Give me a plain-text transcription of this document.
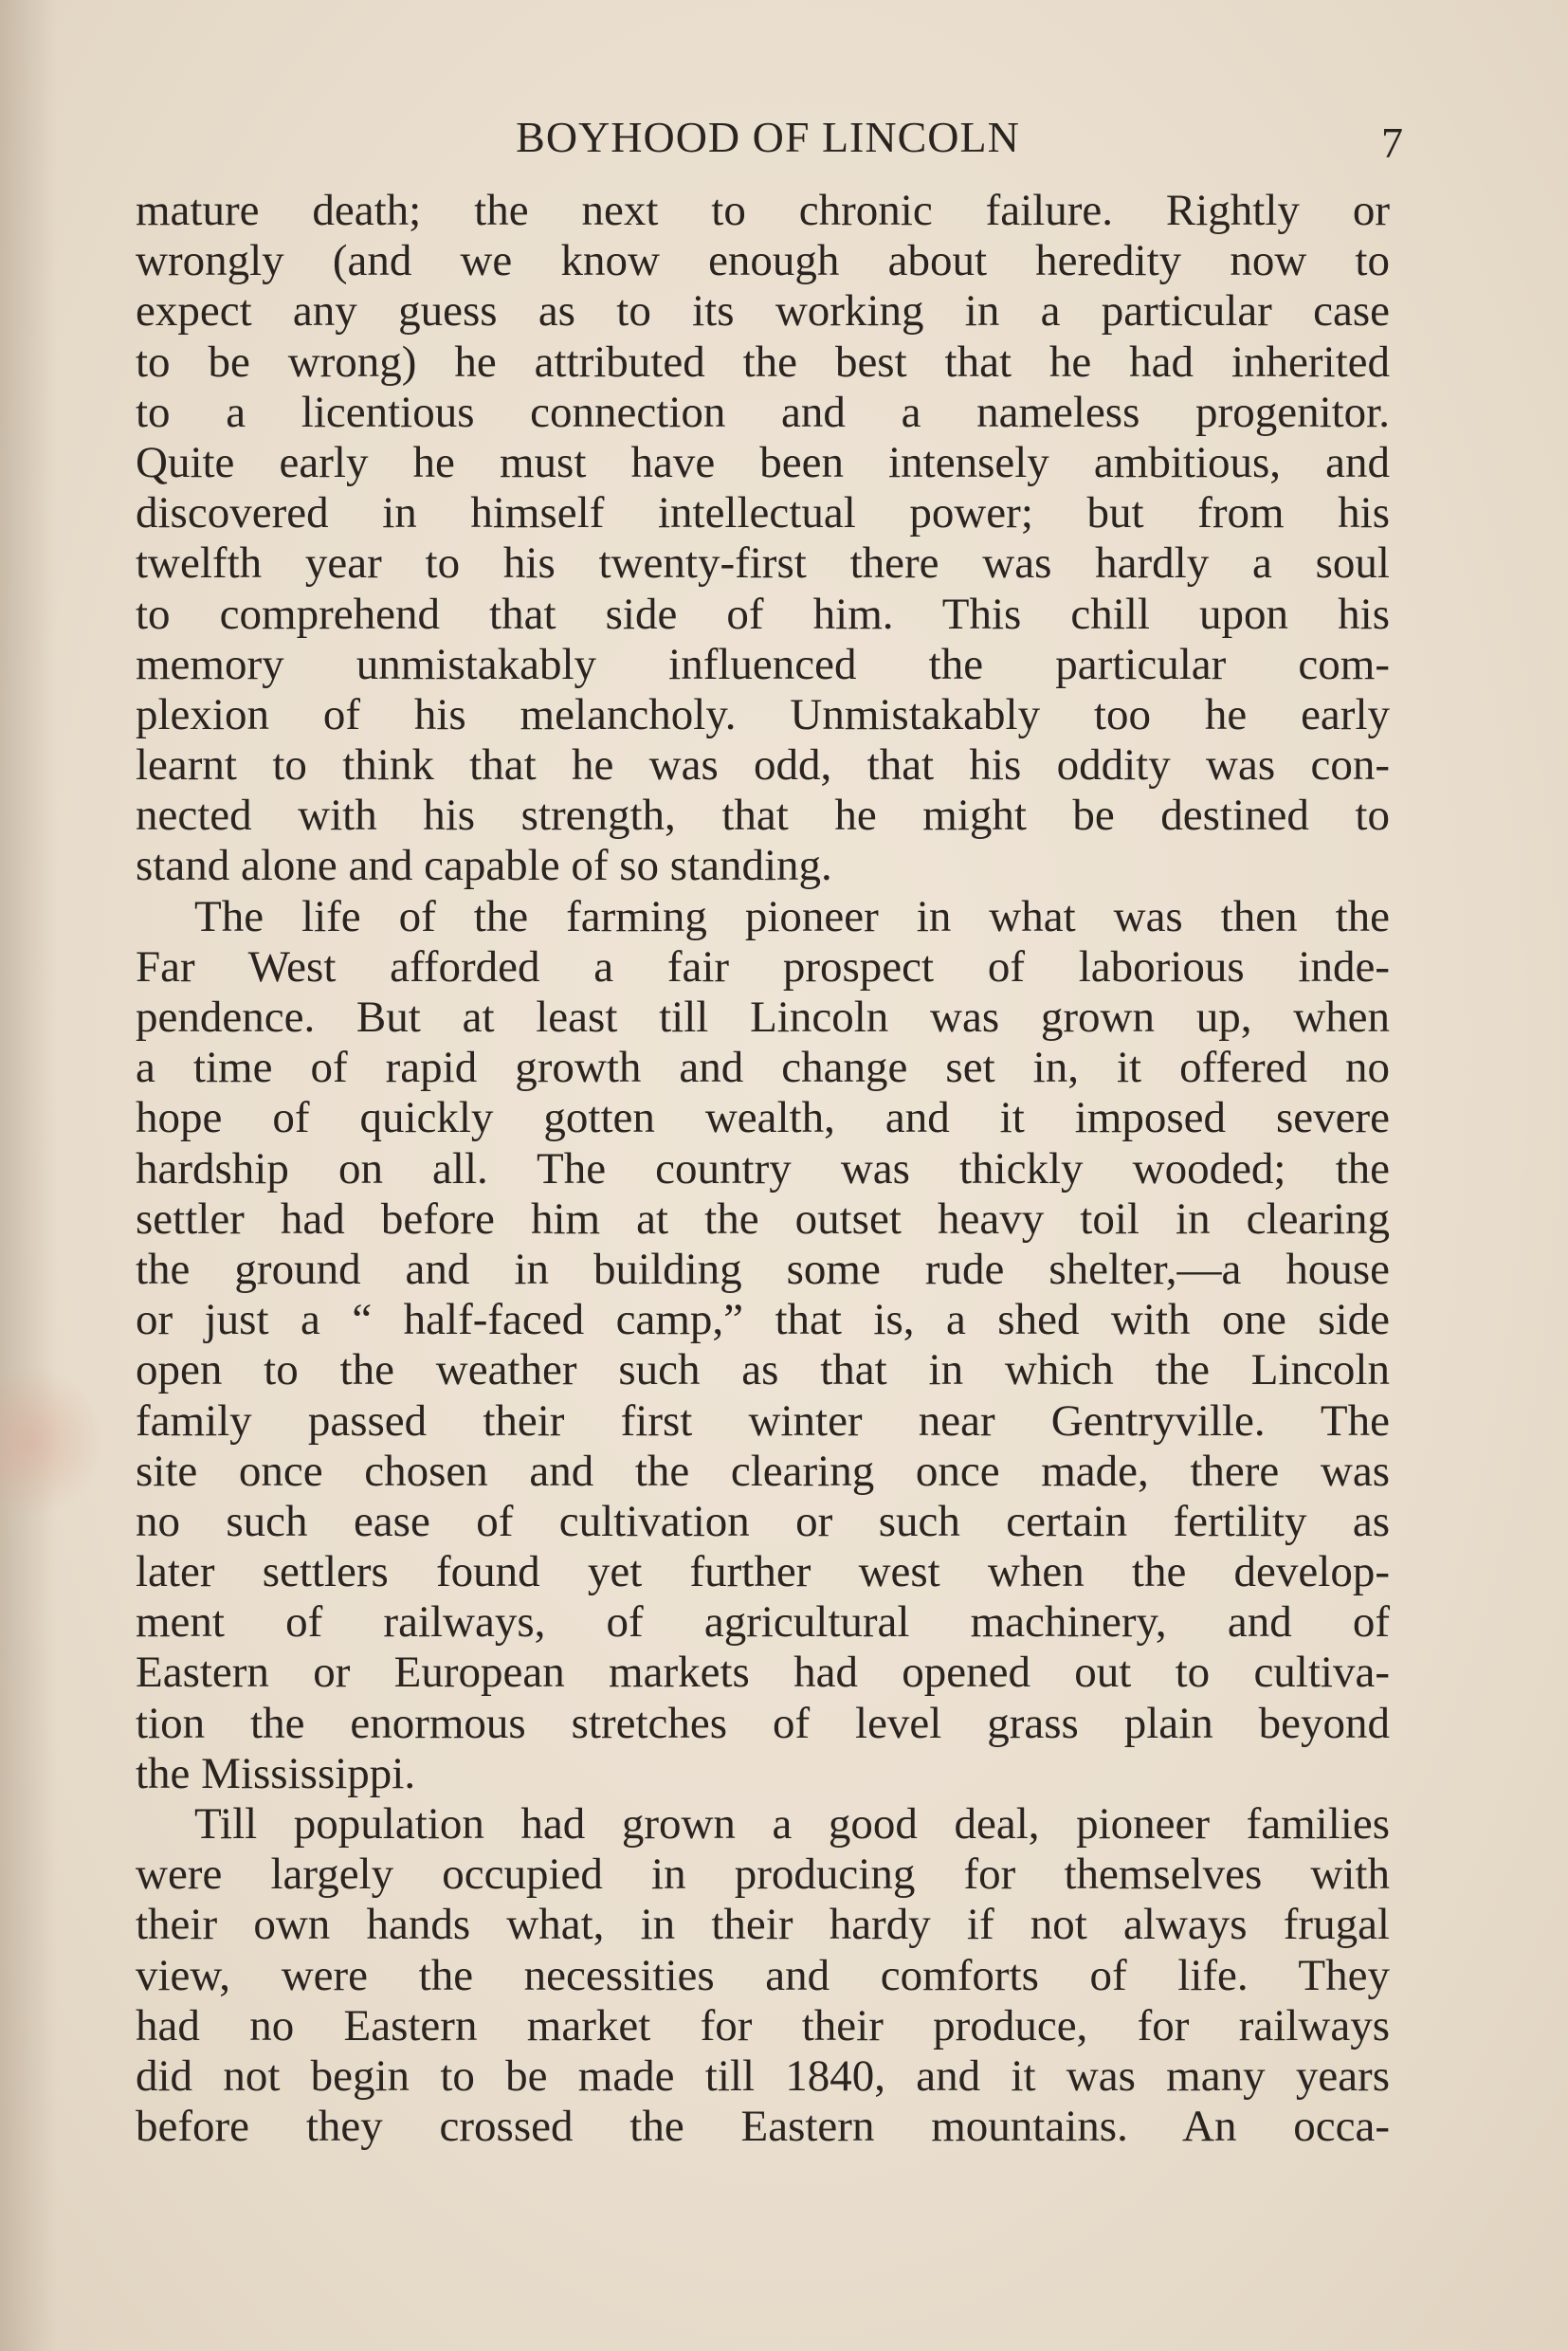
BOYHOOD OF LINCOLN	7
mature death; the next to chronic failure. Rightly or
wrongly (and we know enough about heredity now to
expect any guess as to its working in a particular case
to be wrong) he attributed the best that he had inherited
to a licentious connection and a nameless progenitor.
Quite early he must have been intensely ambitious, and
discovered in himself intellectual power; but from his
twelfth year to his twenty-first there was hardly a soul
to comprehend that side of him. This chill upon his
memory unmistakably influenced the particular com-
plexion of his melancholy. Unmistakably too he early
learnt to think that he was odd, that his oddity was con-
nected with his strength, that he might be destined to
stand alone and capable of so standing.
The life of the farming pioneer in what was then the
Far West afforded a fair prospect of laborious inde-
pendence. But at least till Lincoln was grown up, when
a time of rapid growth and change set in, it offered no
hope of quickly gotten wealth, and it imposed severe
hardship on all. The country was thickly wooded; the
settler had before him at the outset heavy toil in clearing
the ground and in building some rude shelter,—a house
or just a “ half-faced camp,” that is, a shed with one side
open to the weather such as that in which the Lincoln
family passed their first winter near Gentryville. The
site once chosen and the clearing once made, there was
no such ease of cultivation or such certain fertility as
later settlers found yet further west when the develop-
ment of railways, of agricultural machinery, and of
Eastern or European markets had opened out to cultiva-
tion the enormous stretches of level grass plain beyond
the Mississippi.
Till population had grown a good deal, pioneer families
were largely occupied in producing for themselves with
their own hands what, in their hardy if not always frugal
view, were the necessities and comforts of life. They
had no Eastern market for their produce, for railways
did not begin to be made till 1840, and it was many years
before they crossed the Eastern mountains. An occa-
